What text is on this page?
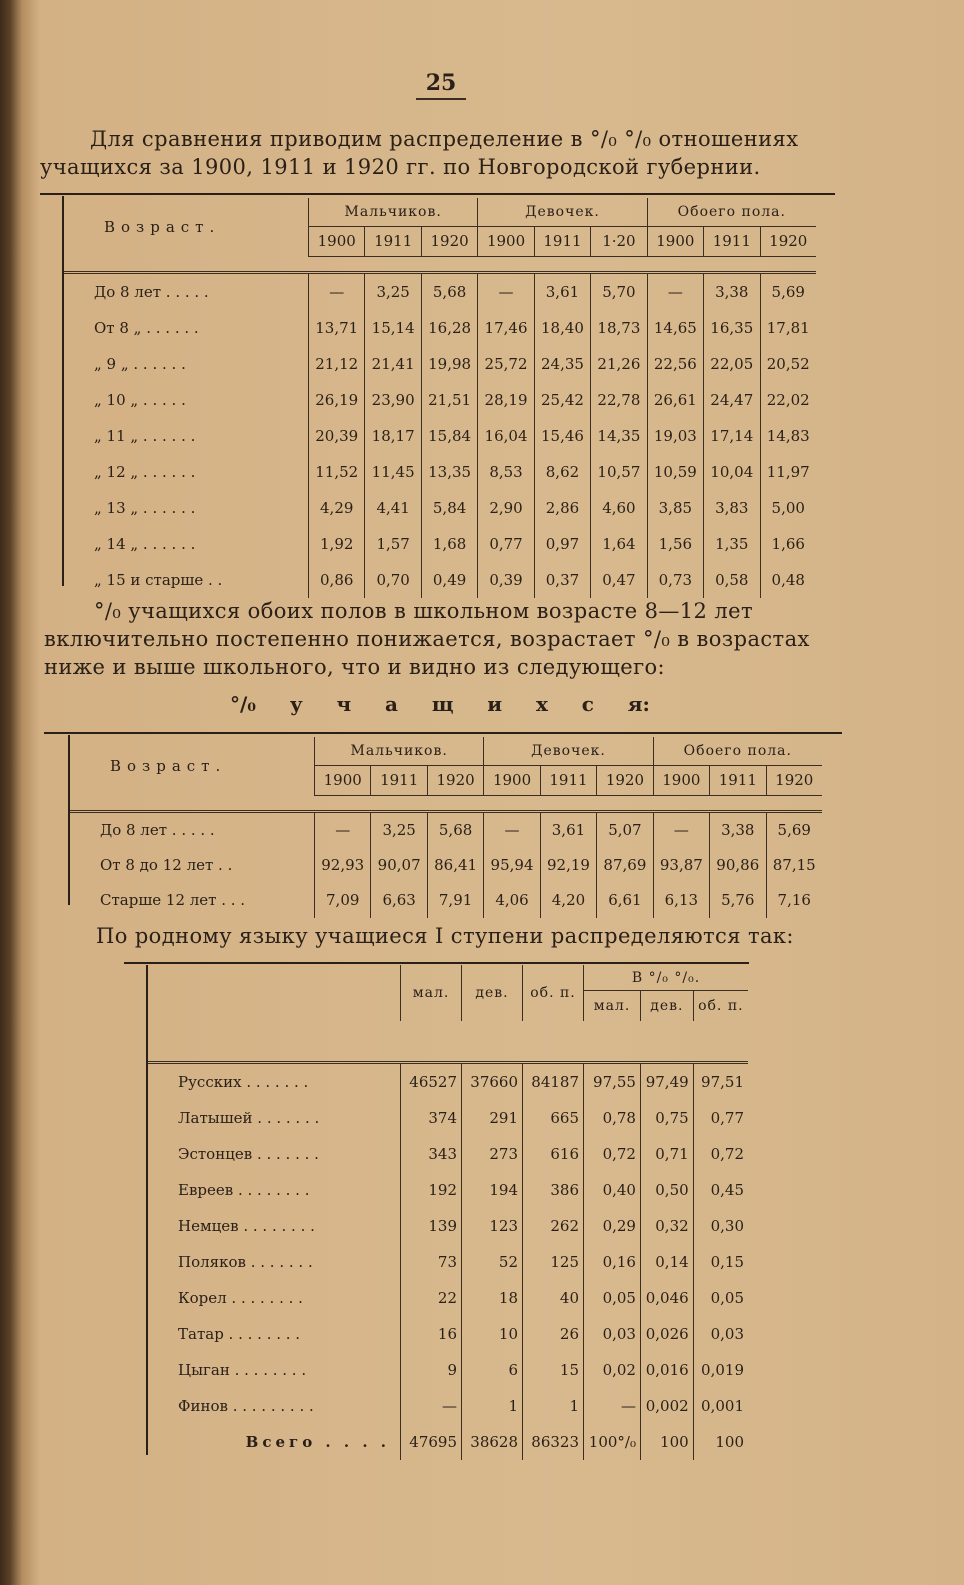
25
Для сравнения приводим распределение в °/₀ °/₀ отношениях
учащихся за 1900, 1911 и 1920 гг. по Новгородской губернии.
Возраст.	Мальчиков.			Девочек.			Обоего пола.		
	1900	1911	1920	1900	1911	1·20	1900	1911	1920

До 8 лет . . . . .	—	3,25	5,68	—	3,61	5,70	—	3,38	5,69
От 8 „ . . . . . .	13,71	15,14	16,28	17,46	18,40	18,73	14,65	16,35	17,81
„ 9 „ . . . . . .	21,12	21,41	19,98	25,72	24,35	21,26	22,56	22,05	20,52
„ 10 „ . . . . .	26,19	23,90	21,51	28,19	25,42	22,78	26,61	24,47	22,02
„ 11 „ . . . . . .	20,39	18,17	15,84	16,04	15,46	14,35	19,03	17,14	14,83
„ 12 „ . . . . . .	11,52	11,45	13,35	8,53	8,62	10,57	10,59	10,04	11,97
„ 13 „ . . . . . .	4,29	4,41	5,84	2,90	2,86	4,60	3,85	3,83	5,00
„ 14 „ . . . . . .	1,92	1,57	1,68	0,77	0,97	1,64	1,56	1,35	1,66
„ 15 и старше . .	0,86	0,70	0,49	0,39	0,37	0,47	0,73	0,58	0,48
°/₀ учащихся обоих полов в школьном возрасте 8—12 лет
включительно постепенно понижается, возрастает °/₀ в возрастах
ниже и выше школьного, что и видно из следующего:
°/₀ у ч а щ и х с я:
Возраст.	Мальчиков.			Девочек.			Обоего пола.		
	1900	1911	1920	1900	1911	1920	1900	1911	1920

До 8 лет . . . . .	—	3,25	5,68	—	3,61	5,07	—	3,38	5,69
От 8 до 12 лет . .	92,93	90,07	86,41	95,94	92,19	87,69	93,87	90,86	87,15
Старше 12 лет . . .	7,09	6,63	7,91	4,06	4,20	6,61	6,13	5,76	7,16
По родному языку учащиеся I ступени распределяются так:
	мал.	дев.	об. п.	В °/₀ °/₀.		
				мал.	дев.	об. п.

Русских . . . . . . .	46527	37660	84187	97,55	97,49	97,51
Латышей . . . . . . .	374	291	665	0,78	0,75	0,77
Эстонцев . . . . . . .	343	273	616	0,72	0,71	0,72
Евреев . . . . . . . .	192	194	386	0,40	0,50	0,45
Немцев . . . . . . . .	139	123	262	0,29	0,32	0,30
Поляков . . . . . . .	73	52	125	0,16	0,14	0,15
Корел . . . . . . . .	22	18	40	0,05	0,046	0,05
Татар . . . . . . . .	16	10	26	0,03	0,026	0,03
Цыган . . . . . . . .	9	6	15	0,02	0,016	0,019
Финов . . . . . . . . .	—	1	1	—	0,002	0,001
Всего . . . .	47695	38628	86323	100°/₀	100	100
